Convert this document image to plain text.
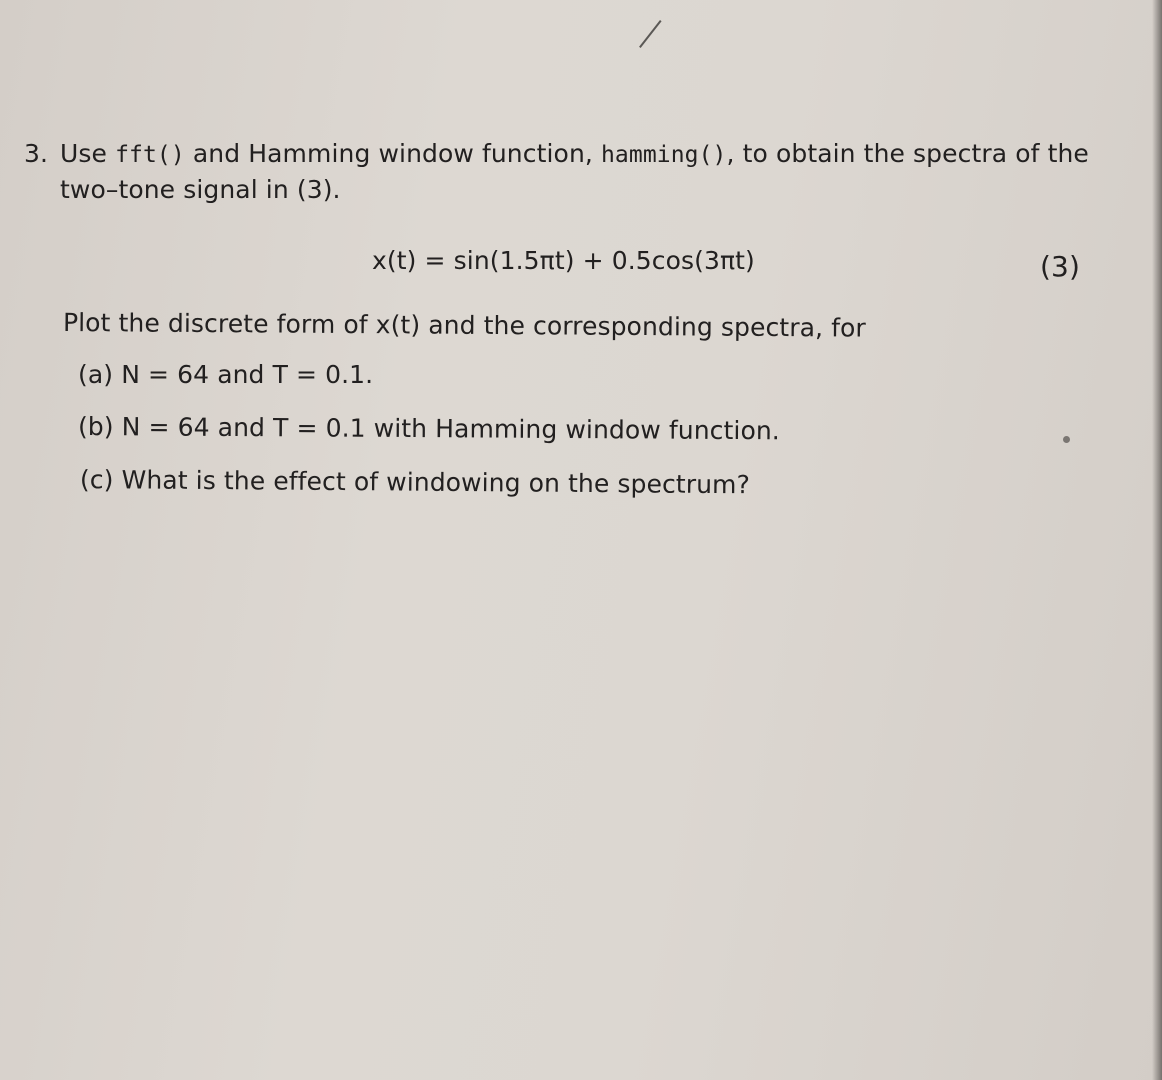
3. Use fft() and Hamming window function, hamming(), to obtain the spectra of the
two–tone signal in (3).
x(t) = sin(1.5πt) + 0.5cos(3πt)	(3)
Plot the discrete form of x(t) and the corresponding spectra, for
(a) N = 64 and T = 0.1.
(b) N = 64 and T = 0.1 with Hamming window function.
(c) What is the effect of windowing on the spectrum?
